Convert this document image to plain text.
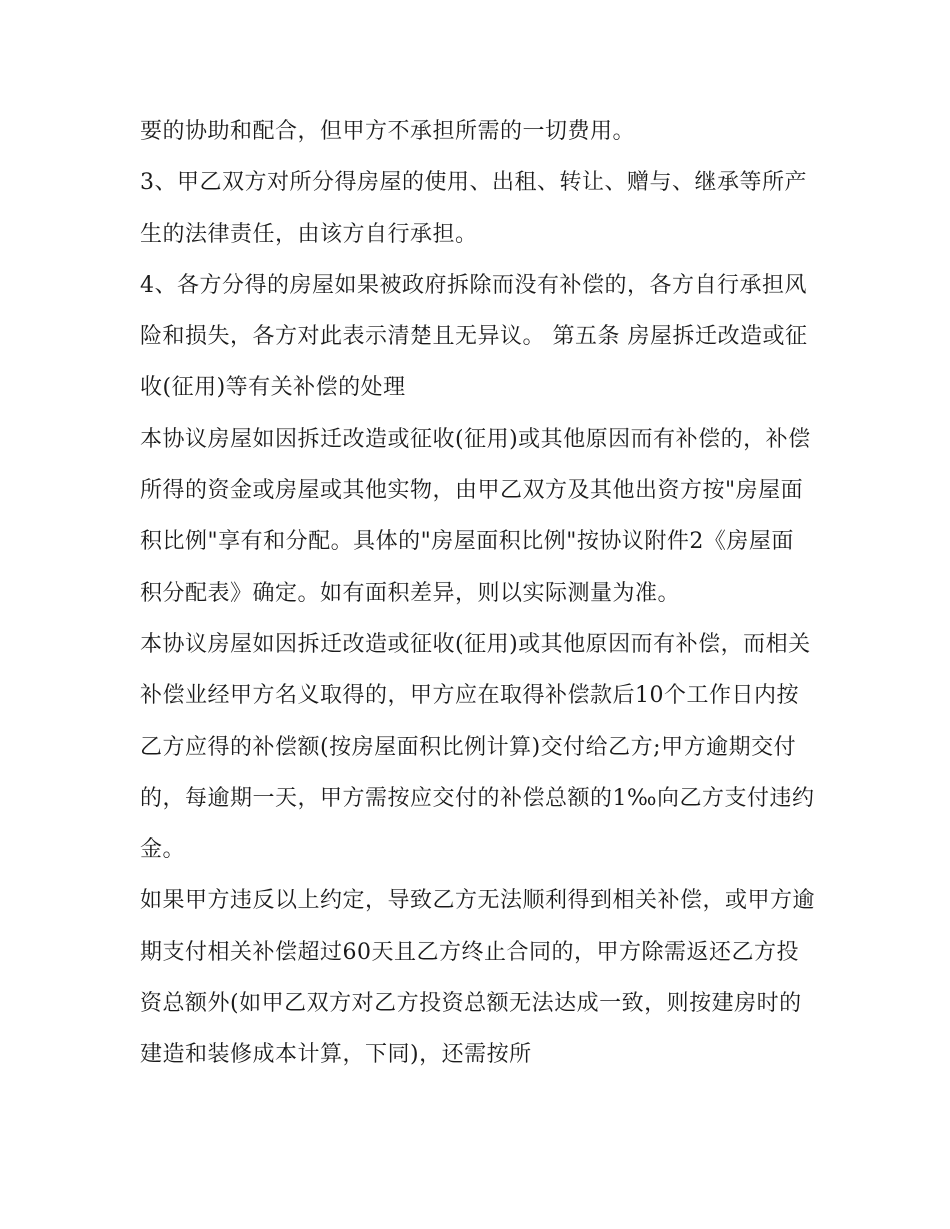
要的协助和配合，但甲方不承担所需的一切费用。

3、甲乙双方对所分得房屋的使用、出租、转让、赠与、继承等所产生的法律责任，由该方自行承担。

4、各方分得的房屋如果被政府拆除而没有补偿的，各方自行承担风险和损失，各方对此表示清楚且无异议。 第五条 房屋拆迁改造或征收(征用)等有关补偿的处理

本协议房屋如因拆迁改造或征收(征用)或其他原因而有补偿的，补偿所得的资金或房屋或其他实物，由甲乙双方及其他出资方按"房屋面积比例"享有和分配。具体的"房屋面积比例"按协议附件2《房屋面积分配表》确定。如有面积差异，则以实际测量为准。

本协议房屋如因拆迁改造或征收(征用)或其他原因而有补偿，而相关补偿业经甲方名义取得的，甲方应在取得补偿款后10个工作日内按乙方应得的补偿额(按房屋面积比例计算)交付给乙方;甲方逾期交付的，每逾期一天，甲方需按应交付的补偿总额的1‰向乙方支付违约金。

如果甲方违反以上约定，导致乙方无法顺利得到相关补偿，或甲方逾期支付相关补偿超过60天且乙方终止合同的，甲方除需返还乙方投资总额外(如甲乙双方对乙方投资总额无法达成一致，则按建房时的建造和装修成本计算，下同)，还需按所
